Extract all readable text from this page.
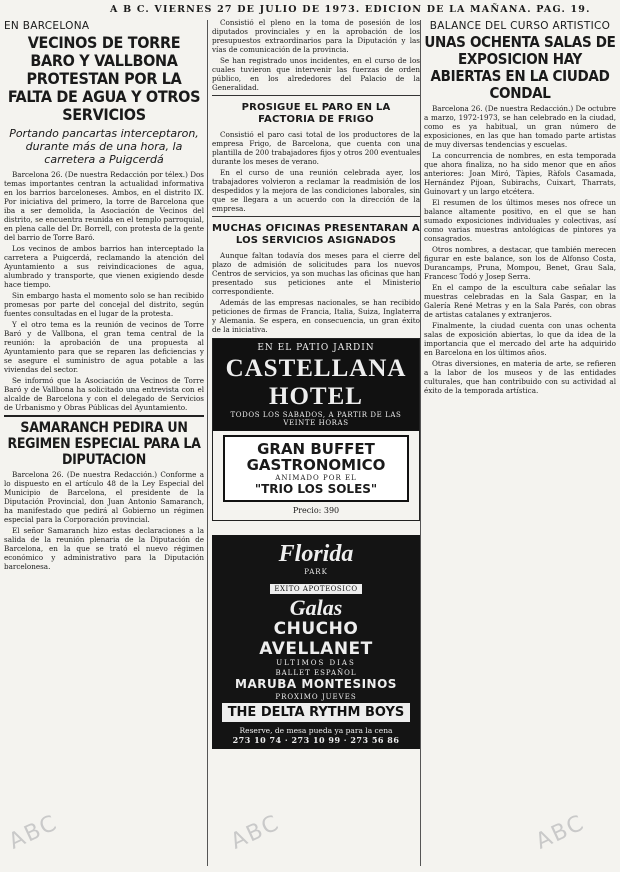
A B C. VIERNES 27 DE JULIO DE 1973. EDICION DE LA MAÑANA. PAG. 19.
EN BARCELONA
VECINOS DE TORRE BARO Y VALLBONA PROTESTAN POR LA FALTA DE AGUA Y OTROS SERVICIOS
Portando pancartas interceptaron, durante más de una hora, la carretera a Puigcerdá

Barcelona 26. (De nuestra Redacción por télex.) Dos temas importantes centran la actualidad informativa en los barrios barceloneses. Ambos, en el distrito IX. Por iniciativa del primero, la torre de Barcelona que iba a ser demolida, la Asociación de Vecinos del distrito, se encuentra reunida en el templo parroquial, en plena calle del Dr. Borrell, con protesta de la gente del barrio de Torre Baró.

Los vecinos de ambos barrios han interceptado la carretera a Puigcerdá, reclamando la atención del Ayuntamiento a sus reivindicaciones de agua, alumbrado y transporte, que vienen exigiendo desde hace tiempo.

Sin embargo hasta el momento solo se han recibido promesas por parte del concejal del distrito, según fuentes consultadas en el lugar de la protesta.

Y el otro tema es la reunión de vecinos de Torre Baró y de Vallbona, el gran tema central de la reunión: la aprobación de una propuesta al Ayuntamiento para que se reparen las deficiencias y se asegure el suministro de agua potable a las viviendas del sector.

Se informó que la Asociación de Vecinos de Torre Baró y de Vallbona ha solicitado una entrevista con el alcalde de Barcelona y con el delegado de Servicios de Urbanismo y Obras Públicas del Ayuntamiento.

SAMARANCH PEDIRA UN REGIMEN ESPECIAL PARA LA DIPUTACION

Barcelona 26. (De nuestra Redacción.) Conforme a lo dispuesto en el artículo 48 de la Ley Especial del Municipio de Barcelona, el presidente de la Diputación Provincial, don Juan Antonio Samaranch, ha manifestado que pedirá al Gobierno un régimen especial para la Corporación provincial.

El señor Samaranch hizo estas declaraciones a la salida de la reunión plenaria de la Diputación de Barcelona, en la que se trató el nuevo régimen económico y administrativo para la Diputación barcelonesa.

Consistió el pleno en la toma de posesión de los diputados provinciales y en la aprobación de los presupuestos extraordinarios para la Diputación y las vías de comunicación de la provincia.

Se han registrado unos incidentes, en el curso de los cuales tuvieron que intervenir las fuerzas de orden público, en los alrededores del Palacio de la Generalidad.

PROSIGUE EL PARO EN LA FACTORIA DE FRIGO

Consistió el paro casi total de los productores de la empresa Frigo, de Barcelona, que cuenta con una plantilla de 200 trabajadores fijos y otros 200 eventuales durante los meses de verano.

En el curso de una reunión celebrada ayer, los trabajadores volvieron a reclamar la readmisión de los despedidos y la mejora de las condiciones laborales, sin que se llegara a un acuerdo con la dirección de la empresa.

MUCHAS OFICINAS PRESENTARAN A LOS SERVICIOS ASIGNADOS

Aunque faltan todavía dos meses para el cierre del plazo de admisión de solicitudes para los nuevos Centros de servicios, ya son muchas las oficinas que han presentado sus peticiones ante el Ministerio correspondiente.

Además de las empresas nacionales, se han recibido peticiones de firmas de Francia, Italia, Suiza, Inglaterra y Alemania. Se espera, en consecuencia, un gran éxito de la iniciativa.

EN EL PATIO JARDIN
CASTELLANA HOTEL
TODOS LOS SABADOS, A PARTIR DE LAS VEINTE HORAS
GRAN BUFFET
GASTRONOMICO
ANIMADO POR EL
"TRIO LOS SOLES"
Precio: 390
Florida
PARK
EXITO APOTEOSICO
Galas
CHUCHO AVELLANET
ULTIMOS DIAS
BALLET ESPAÑOL
MARUBA MONTESINOS
PROXIMO JUEVES
THE DELTA RYTHM BOYS
Reserve, de mesa pueda ya para la cena
273 10 74 · 273 10 99 · 273 56 86
BALANCE DEL CURSO ARTISTICO
UNAS OCHENTA SALAS DE EXPOSICION HAY ABIERTAS EN LA CIUDAD CONDAL

Barcelona 26. (De nuestra Redacción.) De octubre a marzo, 1972-1973, se han celebrado en la ciudad, como es ya habitual, un gran número de exposiciones, en las que han tomado parte artistas de muy diversas tendencias y escuelas.

La concurrencia de nombres, en esta temporada que ahora finaliza, no ha sido menor que en años anteriores: Joan Miró, Tàpies, Ràfols Casamada, Hernández Pijoan, Subirachs, Cuixart, Tharrats, Guinovart y un largo etcétera.

El resumen de los últimos meses nos ofrece un balance altamente positivo, en el que se han sumado exposiciones individuales y colectivas, así como varias muestras antológicas de pintores ya consagrados.

Otros nombres, a destacar, que también merecen figurar en este balance, son los de Alfonso Costa, Durancamps, Pruna, Mompou, Benet, Grau Sala, Francesc Todó y Josep Serra.

En el campo de la escultura cabe señalar las muestras celebradas en la Sala Gaspar, en la Galería René Metras y en la Sala Parés, con obras de artistas catalanes y extranjeros.

Finalmente, la ciudad cuenta con unas ochenta salas de exposición abiertas, lo que da idea de la importancia que el mercado del arte ha adquirido en Barcelona en los últimos años.

Otras diversiones, en materia de arte, se refieren a la labor de los museos y de las entidades culturales, que han contribuido con su actividad al éxito de la temporada artística.

ABC	ABC	ABC
